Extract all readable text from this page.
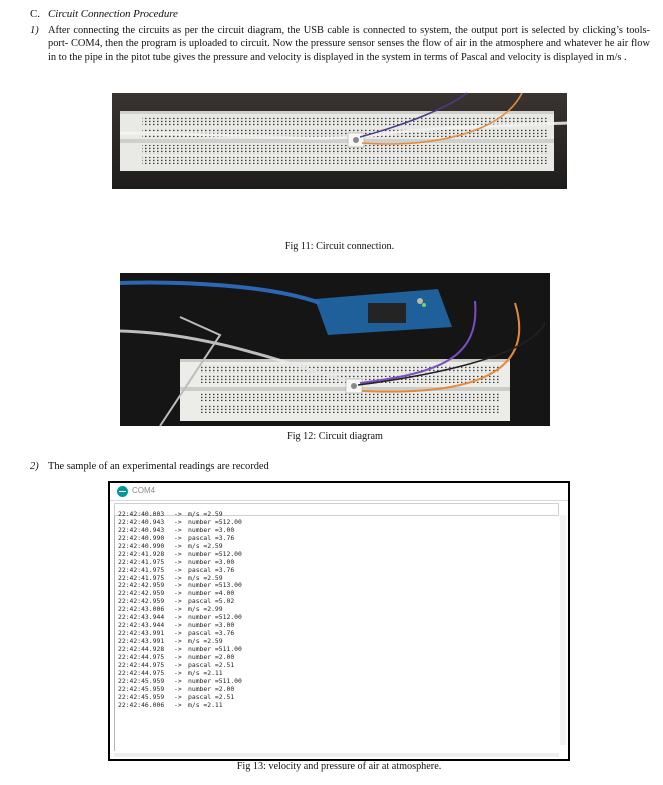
C. Circuit Connection Procedure
1) After connecting the circuits as per the circuit diagram, the USB cable is connected to system, the output port is selected by clicking’s tools- port- COM4, then the program is uploaded to circuit. Now the pressure sensor senses the flow of air in the atmosphere and whatever he air flow in to the pipe in the pitot tube gives the pressure and velocity is displayed in the system in terms of Pascal and velocity is displayed in m/s .
Fig 11: Circuit connection.
Fig 12: Circuit diagram
2) The sample of an experimental readings are recorded
COM4
22:42:40.003 -> m/s =2.59
22:42:40.943 -> number =512.00
22:42:40.943 -> number =3.00
22:42:40.990 -> pascal =3.76
22:42:40.990 -> m/s =2.59
22:42:41.928 -> number =512.00
22:42:41.975 -> number =3.00
22:42:41.975 -> pascal =3.76
22:42:41.975 -> m/s =2.59
22:42:42.959 -> number =513.00
22:42:42.959 -> number =4.00
22:42:42.959 -> pascal =5.02
22:42:43.006 -> m/s =2.99
22:42:43.944 -> number =512.00
22:42:43.944 -> number =3.00
22:42:43.991 -> pascal =3.76
22:42:43.991 -> m/s =2.59
22:42:44.928 -> number =511.00
22:42:44.975 -> number =2.00
22:42:44.975 -> pascal =2.51
22:42:44.975 -> m/s =2.11
22:42:45.959 -> number =511.00
22:42:45.959 -> number =2.00
22:42:45.959 -> pascal =2.51
22:42:46.006 -> m/s =2.11
Fig 13: velocity and pressure of air at atmosphere.
